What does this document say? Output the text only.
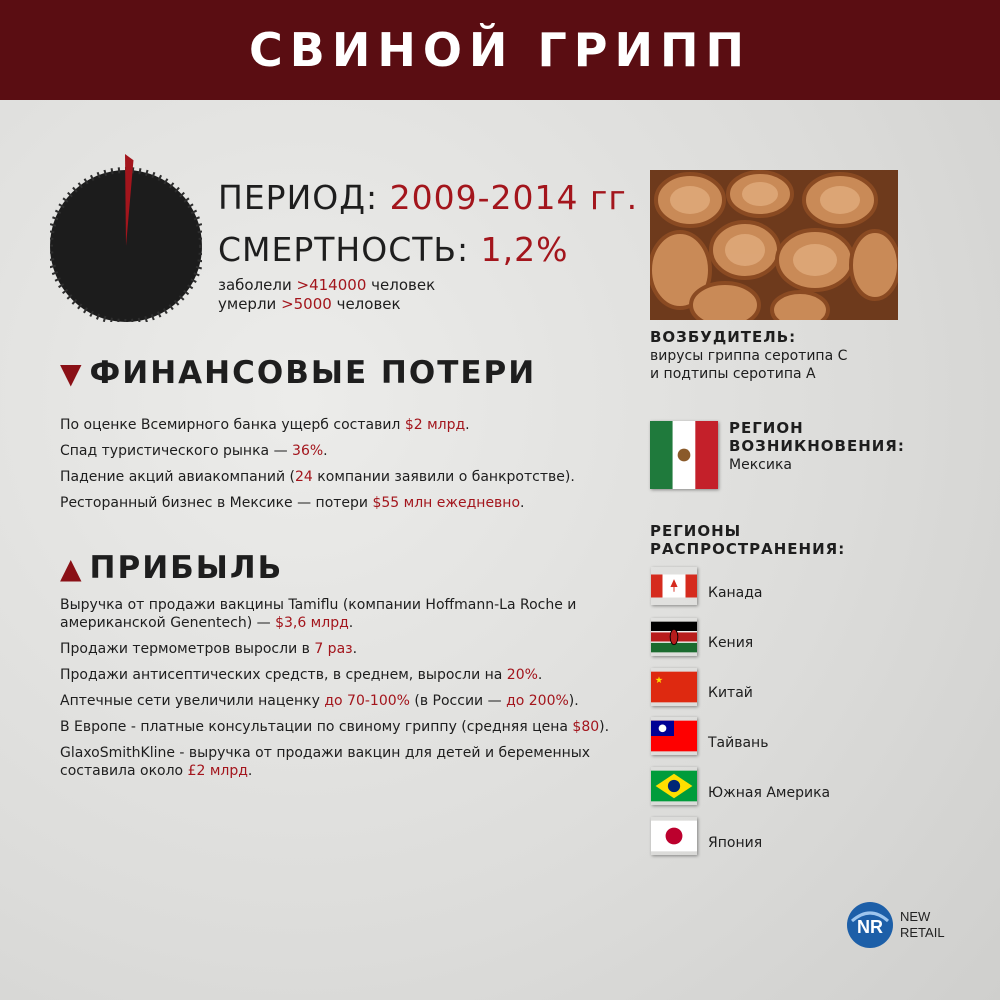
СВИНОЙ ГРИПП
ПЕРИОД: 2009-2014 гг.
СМЕРТНОСТЬ: 1,2%
заболели >414000 человек
умерли >5000 человек
▼ ФИНАНСОВЫЕ ПОТЕРИ
По оценке Всемирного банка ущерб составил $2 млрд.
Спад туристического рынка — 36%.
Падение акций авиакомпаний (24 компании заявили о банкротстве).
Ресторанный бизнес в Мексике — потери $55 млн ежедневно.
▲ ПРИБЫЛЬ
Выручка от продажи вакцины Tamiflu (компании Hoffmann-La Roche и американской Genentech) — $3,6 млрд.
Продажи термометров выросли в 7 раз.
Продажи антисептических средств, в среднем, выросли на 20%.
Аптечные сети увеличили наценку до 70-100% (в России — до 200%).
В Европе - платные консультации по свиному гриппу (средняя цена $80).
GlaxoSmithKline - выручка от продажи вакцин для детей и беременных составила около £2 млрд.
ВОЗБУДИТЕЛЬ:
вирусы гриппа серотипа С
и подтипы серотипа А
РЕГИОН
ВОЗНИКНОВЕНИЯ:
Мексика
РЕГИОНЫ
РАСПРОСТРАНЕНИЯ:
Канада
Кения
Китай
Тайвань
Южная Америка
Япония
NR
NEW
RETAIL
